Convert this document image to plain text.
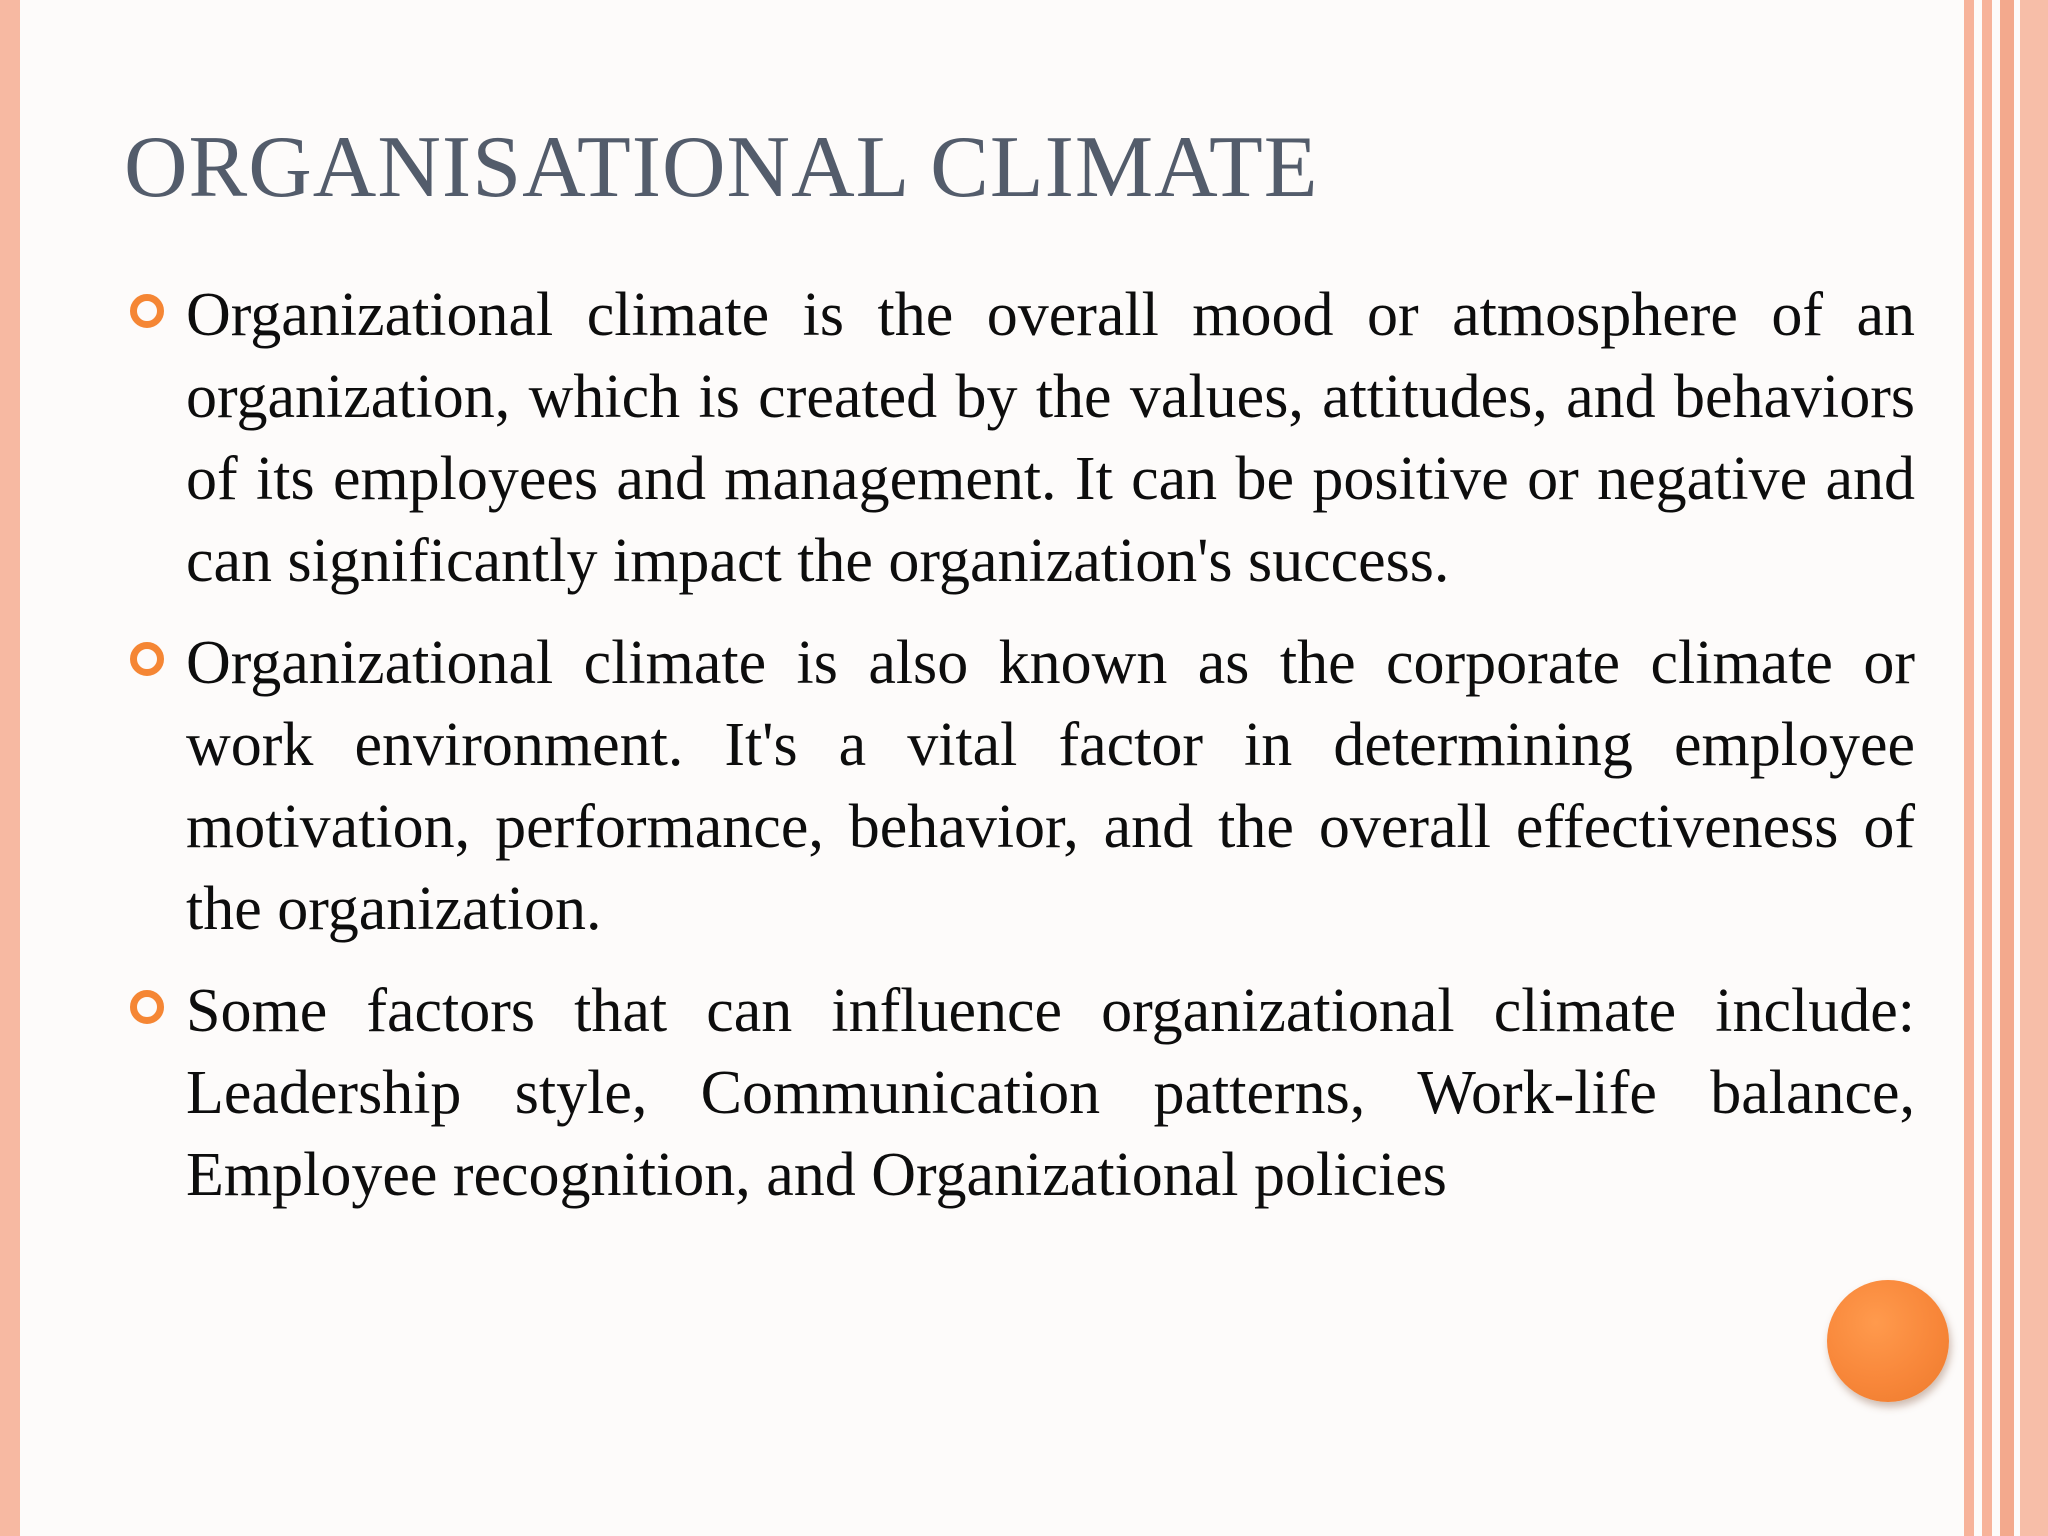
ORGANISATIONAL CLIMATE
Organizational climate is the overall mood or atmosphere of an organization, which is created by the values, attitudes, and behaviors of its employees and management. It can be positive or negative and can significantly impact the organization's success.
Organizational climate is also known as the corporate climate or work environment. It's a vital factor in determining employee motivation, performance, behavior, and the overall effectiveness of the organization.
Some factors that can influence organizational climate include: Leadership style, Communication patterns, Work-life balance, Employee recognition, and Organizational policies
